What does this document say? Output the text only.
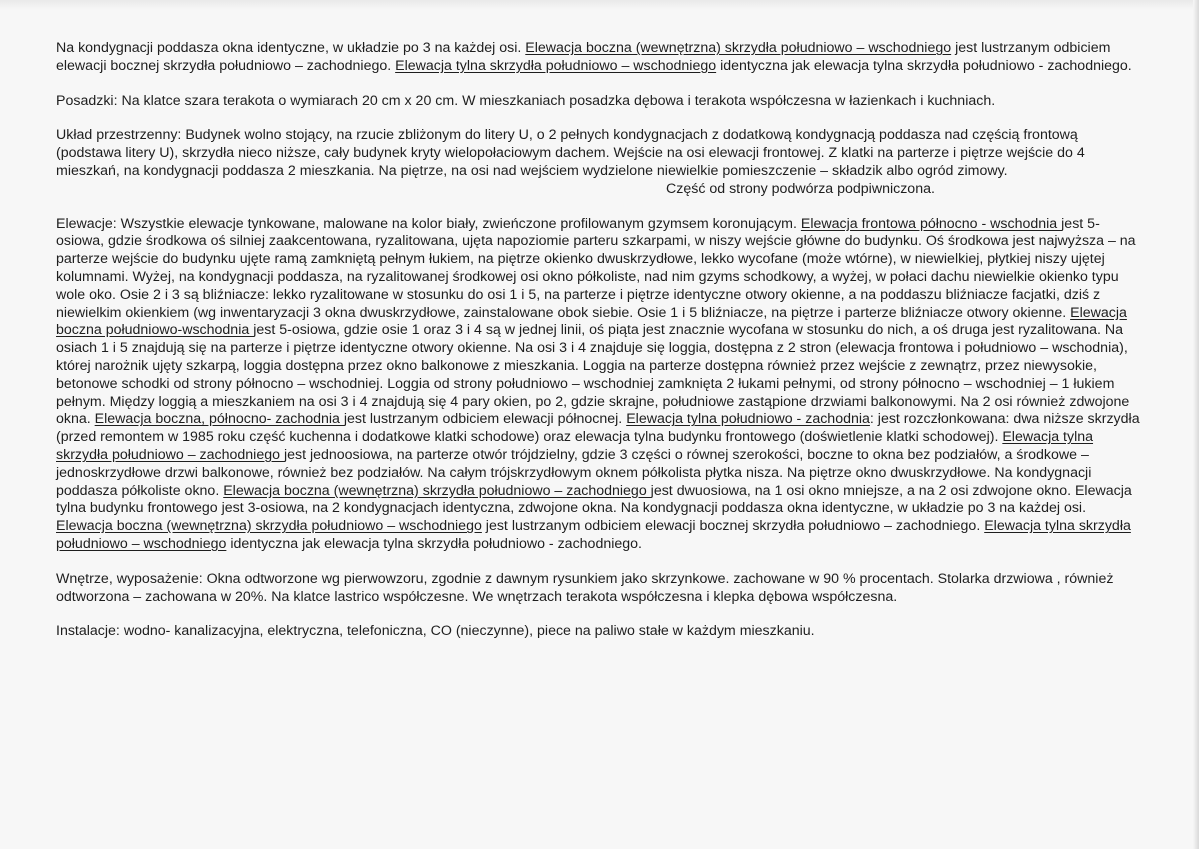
Na kondygnacji poddasza okna identyczne, w układzie po 3 na każdej osi. Elewacja boczna (wewnętrzna) skrzydła południowo – wschodniego jest lustrzanym odbiciem elewacji bocznej skrzydła południowo – zachodniego. Elewacja tylna skrzydła południowo – wschodniego identyczna jak elewacja tylna skrzydła południowo - zachodniego.

Posadzki: Na klatce szara terakota o wymiarach 20 cm x 20 cm. W mieszkaniach posadzka dębowa i terakota współczesna w łazienkach i kuchniach.

Układ przestrzenny: Budynek wolno stojący, na rzucie zbliżonym do litery U, o 2 pełnych kondygnacjach z dodatkową kondygnacją poddasza nad częścią frontową (podstawa litery U), skrzydła nieco niższe, cały budynek kryty wielopołaciowym dachem. Wejście na osi elewacji frontowej. Z klatki na parterze i piętrze wejście do 4 mieszkań, na kondygnacji poddasza 2 mieszkania. Na piętrze, na osi nad wejściem wydzielone niewielkie pomieszczenie – składzik albo ogród zimowy.
Część od strony podwórza podpiwniczona.

Elewacje: Wszystkie elewacje tynkowane, malowane na kolor biały, zwieńczone profilowanym gzymsem koronującym. Elewacja frontowa północno - wschodnia jest 5-osiowa, gdzie środkowa oś silniej zaakcentowana, ryzalitowana, ujęta napoziomie parteru szkarpami, w niszy wejście główne do budynku. Oś środkowa jest najwyższa – na parterze wejście do budynku ujęte ramą zamkniętą pełnym łukiem, na piętrze okienko dwuskrzydłowe, lekko wycofane (może wtórne), w niewielkiej, płytkiej niszy ujętej kolumnami. Wyżej, na kondygnacji poddasza, na ryzalitowanej środkowej osi okno półkoliste, nad nim gzyms schodkowy, a wyżej, w połaci dachu niewielkie okienko typu wole oko. Osie 2 i 3 są bliźniacze: lekko ryzalitowane w stosunku do osi 1 i 5, na parterze i piętrze identyczne otwory okienne, a na poddaszu bliźniacze facjatki, dziś z niewielkim okienkiem (wg inwentaryzacji 3 okna dwuskrzydłowe, zainstalowane obok siebie. Osie 1 i 5 bliźniacze, na piętrze i parterze bliźniacze otwory okienne. Elewacja boczna południowo-wschodnia jest 5-osiowa, gdzie osie 1 oraz 3 i 4 są w jednej linii, oś piąta jest znacznie wycofana w stosunku do nich, a oś druga jest ryzalitowana. Na osiach 1 i 5 znajdują się na parterze i piętrze identyczne otwory okienne. Na osi 3 i 4 znajduje się loggia, dostępna z 2 stron (elewacja frontowa i południowo – wschodnia), której narożnik ujęty szkarpą, loggia dostępna przez okno balkonowe z mieszkania. Loggia na parterze dostępna również przez wejście z zewnątrz, przez niewysokie, betonowe schodki od strony północno – wschodniej. Loggia od strony południowo – wschodniej zamknięta 2 łukami pełnymi, od strony północno – wschodniej – 1 łukiem pełnym. Między loggią a mieszkaniem na osi 3 i 4 znajdują się 4 pary okien, po 2, gdzie skrajne, południowe zastąpione drzwiami balkonowymi. Na 2 osi również zdwojone okna. Elewacja boczna, północno- zachodnia jest lustrzanym odbiciem elewacji północnej. Elewacja tylna południowo - zachodnia: jest rozczłonkowana: dwa niższe skrzydła (przed remontem w 1985 roku część kuchenna i dodatkowe klatki schodowe) oraz elewacja tylna budynku frontowego (doświetlenie klatki schodowej). Elewacja tylna skrzydła południowo – zachodniego jest jednoosiowa, na parterze otwór trójdzielny, gdzie 3 części o równej szerokości, boczne to okna bez podziałów, a środkowe – jednoskrzydłowe drzwi balkonowe, również bez podziałów. Na całym trójskrzydłowym oknem półkolista płytka nisza. Na piętrze okno dwuskrzydłowe. Na kondygnacji poddasza półkoliste okno. Elewacja boczna (wewnętrzna) skrzydła południowo – zachodniego jest dwuosiowa, na 1 osi okno mniejsze, a na 2 osi zdwojone okno. Elewacja tylna budynku frontowego jest 3-osiowa, na 2 kondygnacjach identyczna, zdwojone okna. Na kondygnacji poddasza okna identyczne, w układzie po 3 na każdej osi. Elewacja boczna (wewnętrzna) skrzydła południowo – wschodniego jest lustrzanym odbiciem elewacji bocznej skrzydła południowo – zachodniego. Elewacja tylna skrzydła południowo – wschodniego identyczna jak elewacja tylna skrzydła południowo - zachodniego.

Wnętrze, wyposażenie: Okna odtworzone wg pierwowzoru, zgodnie z dawnym rysunkiem jako skrzynkowe. zachowane w 90 % procentach. Stolarka drzwiowa , również odtworzona – zachowana w 20%. Na klatce lastrico współczesne. We wnętrzach terakota współczesna i klepka dębowa współczesna.

Instalacje: wodno- kanalizacyjna, elektryczna, telefoniczna, CO (nieczynne), piece na paliwo stałe w każdym mieszkaniu.
